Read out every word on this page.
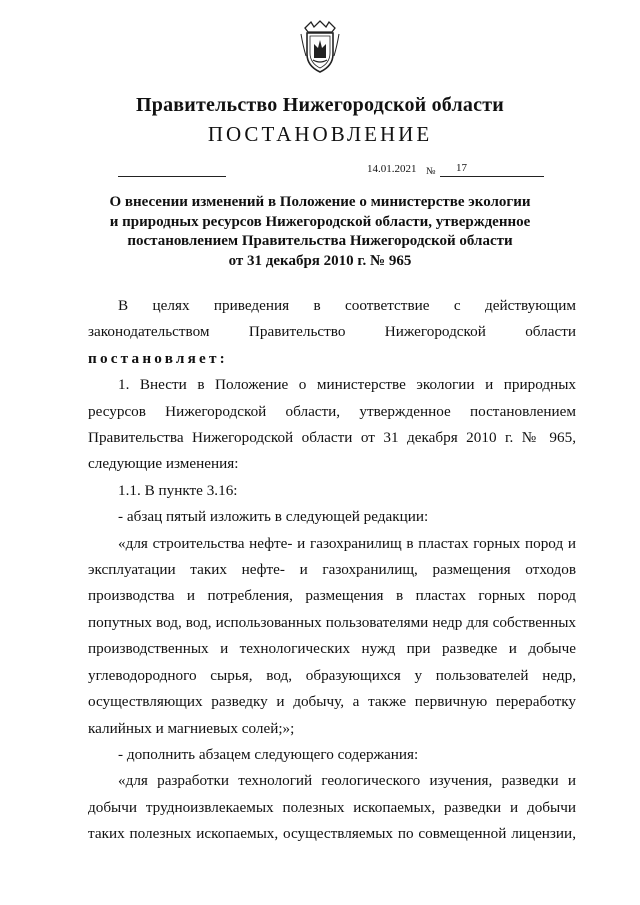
Правительство Нижегородской области
ПОСТАНОВЛЕНИЕ
14.01.2021 № 17
О внесении изменений в Положение о министерстве экологии
и природных ресурсов Нижегородской области, утвержденное
постановлением Правительства Нижегородской области
от 31 декабря 2010 г. № 965

В целях приведения в соответствие с действующим законодательством Правительство Нижегородской области

постановляет:

1. Внести в Положение о министерстве экологии и природных ресурсов Нижегородской области, утвержденное постановлением Правительства Нижегородской области от 31 декабря 2010 г. № 965, следующие изменения:

1.1. В пункте 3.16:

- абзац пятый изложить в следующей редакции:

«для строительства нефте- и газохранилищ в пластах горных пород и эксплуатации таких нефте- и газохранилищ, размещения отходов производства и потребления, размещения в пластах горных пород попутных вод, вод, использованных пользователями недр для собственных производственных и технологических нужд при разведке и добыче углеводородного сырья, вод, образующихся у пользователей недр, осуществляющих разведку и добычу, а также первичную переработку калийных и магниевых солей;»;

- дополнить абзацем следующего содержания:

«для разработки технологий геологического изучения, разведки и добычи трудноизвлекаемых полезных ископаемых, разведки и добычи таких полезных ископаемых, осуществляемых по совмещенной лицензии,
